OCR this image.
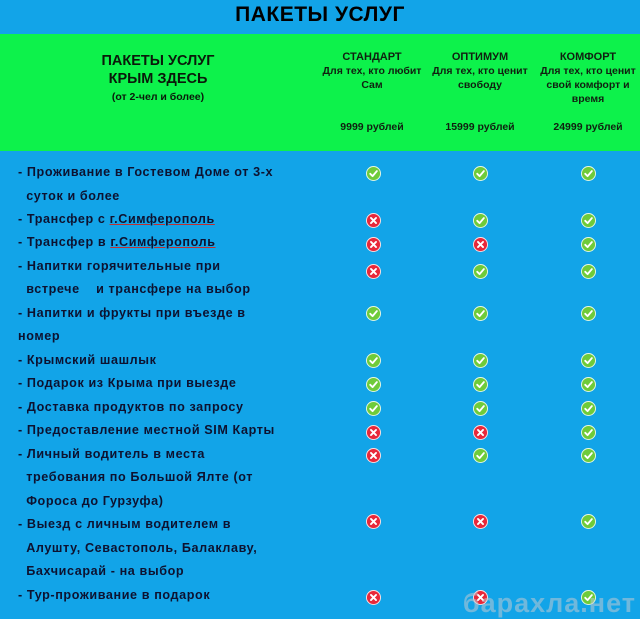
ПАКЕТЫ УСЛУГ
ПАКЕТЫ УСЛУГ
КРЫМ ЗДЕСЬ
(от 2-чел и более)
СТАНДАРТ
Для тех, кто любит Сам
9999 рублей
ОПТИМУМ
Для тех, кто ценит свободу
15999 рублей
КОМФОРТ
Для тех, кто ценит свой комфорт и время
24999 рублей
- Проживание в Гостевом Доме от 3-х
суток и более
- Трансфер с г.Симферополь
- Трансфер в г.Симферополь
- Напитки горячительные при
встрече    и трансфере на выбор
- Напитки и фрукты при въезде в
номер
- Крымский шашлык
- Подарок из Крыма при выезде
- Доставка продуктов по запросу
- Предоставление местной SIM Карты
- Личный водитель в места
требования по Большой Ялте (от
Фороса до Гурзуфа)
- Выезд с личным водителем в
Алушту, Севастополь, Балаклаву,
Бахчисарай - на выбор
- Тур-проживание в подарок	барахла.нет
